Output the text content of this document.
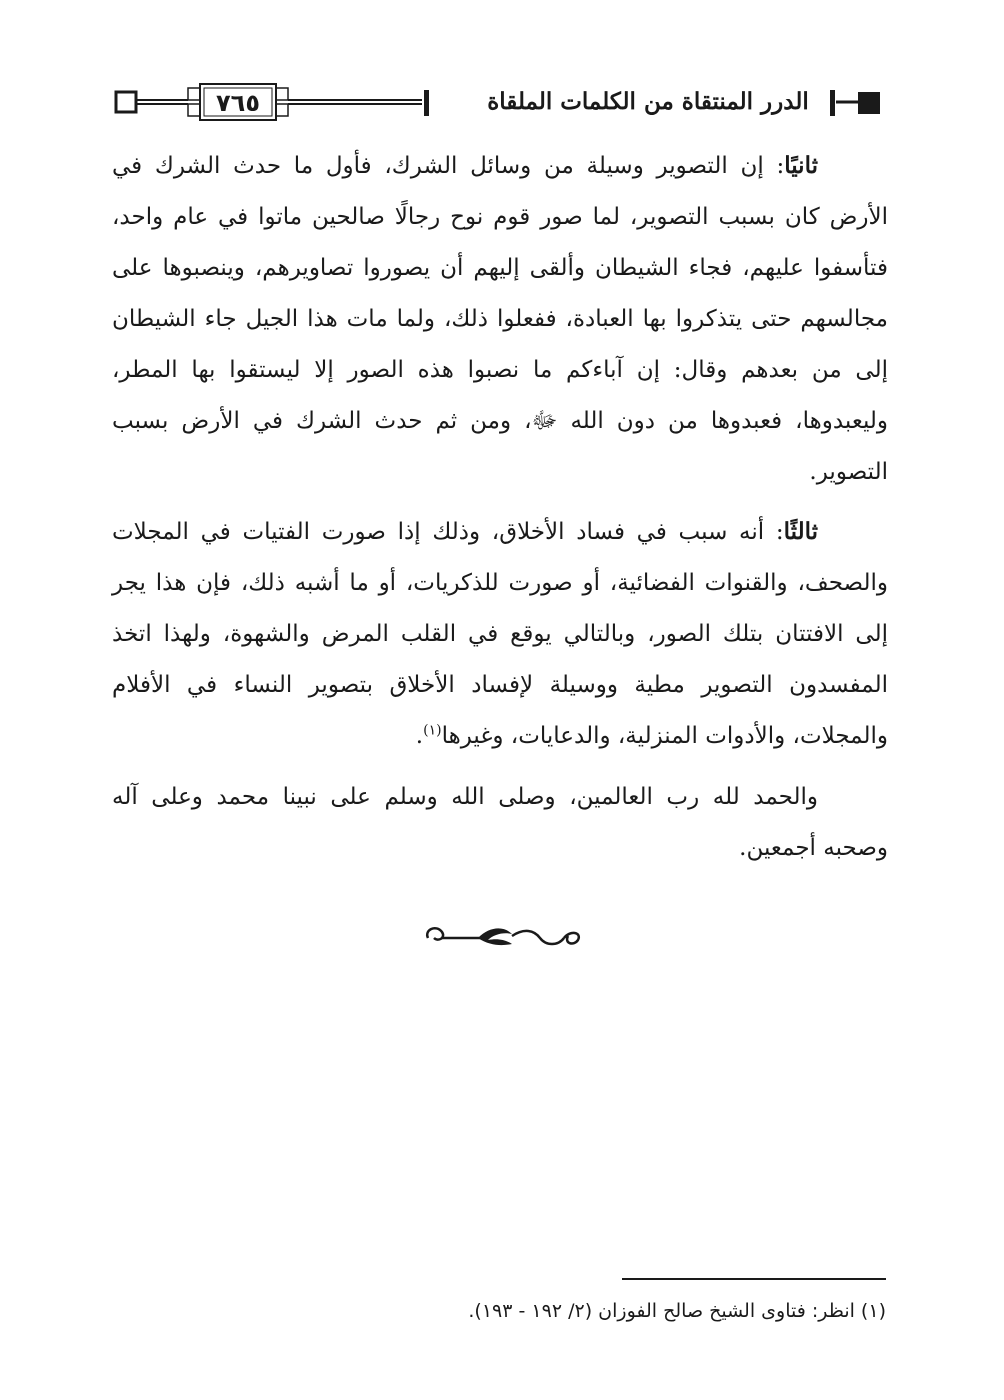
٧٦٥	الدرر المنتقاة من الكلمات الملقاة

ثانيًا: إن التصوير وسيلة من وسائل الشرك، فأول ما حدث الشرك في الأرض كان بسبب التصوير، لما صور قوم نوح رجالًا صالحين ماتوا في عام واحد، فتأسفوا عليهم، فجاء الشيطان وألقى إليهم أن يصوروا تصاويرهم، وينصبوها على مجالسهم حتى يتذكروا بها العبادة، ففعلوا ذلك، ولما مات هذا الجيل جاء الشيطان إلى من بعدهم وقال: إن آباءكم ما نصبوا هذه الصور إلا ليستقوا بها المطر، وليعبدوها، فعبدوها من دون الله ﷻ، ومن ثم حدث الشرك في الأرض بسبب التصوير.

ثالثًا: أنه سبب في فساد الأخلاق، وذلك إذا صورت الفتيات في المجلات والصحف، والقنوات الفضائية، أو صورت للذكريات، أو ما أشبه ذلك، فإن هذا يجر إلى الافتتان بتلك الصور، وبالتالي يوقع في القلب المرض والشهوة، ولهذا اتخذ المفسدون التصوير مطية ووسيلة لإفساد الأخلاق بتصوير النساء في الأفلام والمجلات، والأدوات المنزلية، والدعايات، وغيرها$^{(١)}$.

والحمد لله رب العالمين، وصلى الله وسلم على نبينا محمد وعلى آله وصحبه أجمعين.

(١) انظر: فتاوى الشيخ صالح الفوزان (٢/ ١٩٢ - ١٩٣).
